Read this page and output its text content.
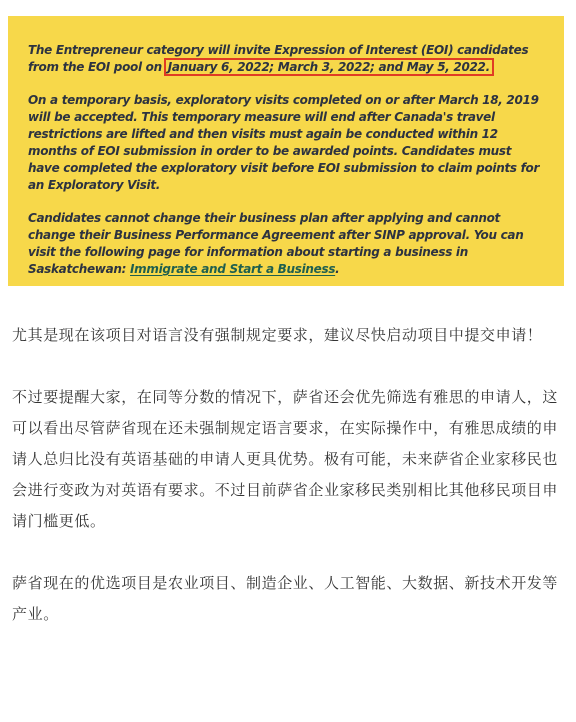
The Entrepreneur category will invite Expression of Interest (EOI) candidates from the EOI pool on January 6, 2022; March 3, 2022; and May 5, 2022.

On a temporary basis, exploratory visits completed on or after March 18, 2019 will be accepted. This temporary measure will end after Canada's travel restrictions are lifted and then visits must again be conducted within 12 months of EOI submission in order to be awarded points. Candidates must have completed the exploratory visit before EOI submission to claim points for an Exploratory Visit.

Candidates cannot change their business plan after applying and cannot change their Business Performance Agreement after SINP approval. You can visit the following page for information about starting a business in Saskatchewan: Immigrate and Start a Business.

尤其是现在该项目对语言没有强制规定要求，建议尽快启动项目中提交申请！

不过要提醒大家，在同等分数的情况下，萨省还会优先筛选有雅思的申请人，这可以看出尽管萨省现在还未强制规定语言要求，在实际操作中，有雅思成绩的申请人总归比没有英语基础的申请人更具优势。极有可能，未来萨省企业家移民也会进行变政为对英语有要求。不过目前萨省企业家移民类别相比其他移民项目申请门槛更低。

萨省现在的优选项目是农业项目、制造企业、人工智能、大数据、新技术开发等产业。
